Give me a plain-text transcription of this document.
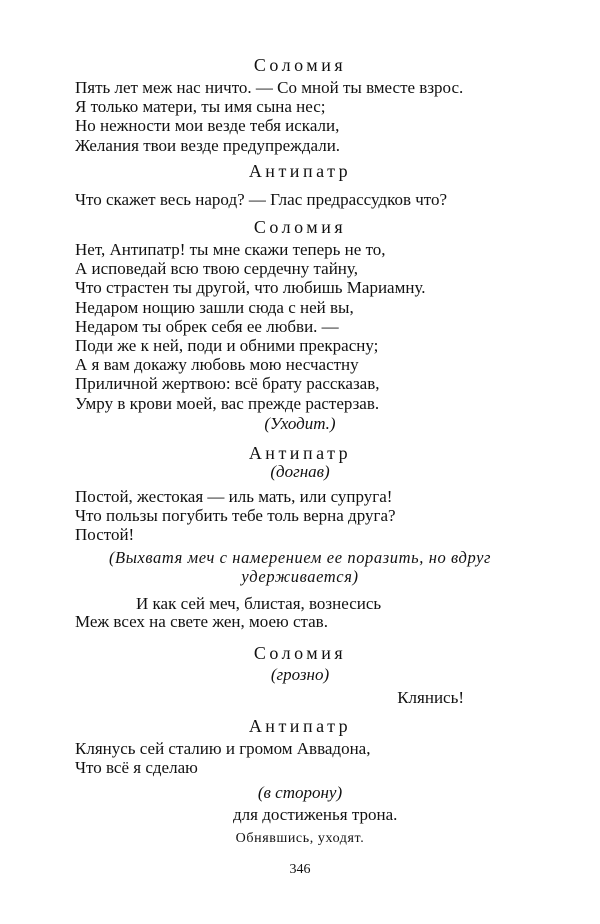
Соломия
Пять лет меж нас ничто. — Со мной ты вместе взрос.
Я только матери, ты имя сына нес;
Но нежности мои везде тебя искали,
Желания твои везде предупреждали.
Антипатр
Что скажет весь народ? — Глас предрассудков что?
Соломия
Нет, Антипатр! ты мне скажи теперь не то,
А исповедай всю твою сердечну тайну,
Что страстен ты другой, что любишь Мариамну.
Недаром нощию зашли сюда с ней вы,
Недаром ты обрек себя ее любви. —
Поди же к ней, поди и обними прекрасну;
А я вам докажу любовь мою несчастну
Приличной жертвою: всё брату рассказав,
Умру в крови моей, вас прежде растерзав.
(Уходит.)
Антипатр
(догнав)
Постой, жестокая — иль мать, или супруга!
Что пользы погубить тебе толь верна друга?
Постой!
(Выхватя меч с намерением ее поразить, но вдруг
удерживается)
И как сей меч, блистая, вознесись
Меж всех на свете жен, моею став.
Соломия
(грозно)
Клянись!
Антипатр
Клянусь сей сталию и громом Аввадона,
Что всё я сделаю
(в сторону)
для достиженья трона.
Обнявшись, уходят.
346
